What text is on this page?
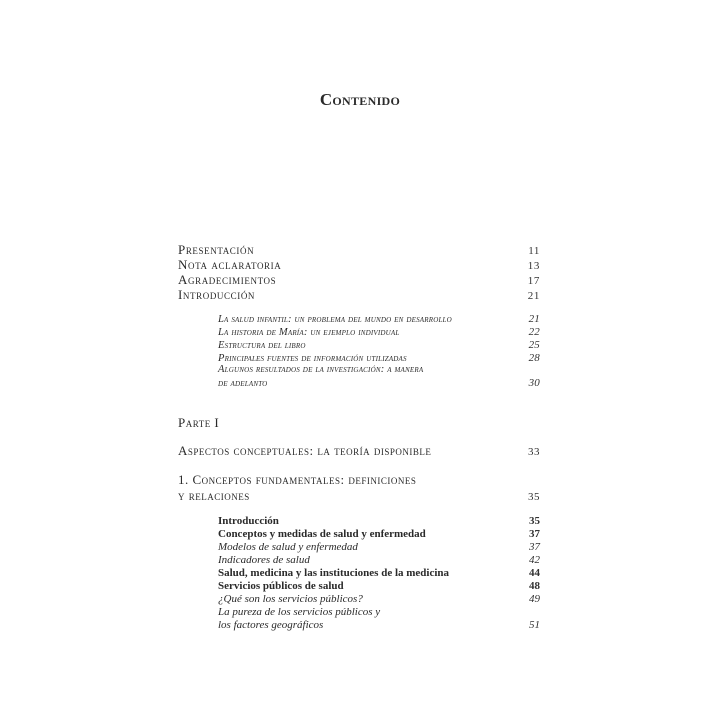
Contenido
Presentación	11
Nota aclaratoria	13
Agradecimientos	17
Introducción	21
La salud infantil: un problema del mundo en desarrollo	21
La historia de María: un ejemplo individual	22
Estructura del libro	25
Principales fuentes de información utilizadas	28
Algunos resultados de la investigación: a manera
de adelanto	30
Parte I
Aspectos conceptuales: la teoría disponible	33
1. Conceptos fundamentales: definiciones
y relaciones	35
Introducción	35
Conceptos y medidas de salud y enfermedad	37
Modelos de salud y enfermedad	37
Indicadores de salud	42
Salud, medicina y las instituciones de la medicina	44
Servicios públicos de salud	48
¿Qué son los servicios públicos?	49
La pureza de los servicios públicos y
los factores geográficos	51
